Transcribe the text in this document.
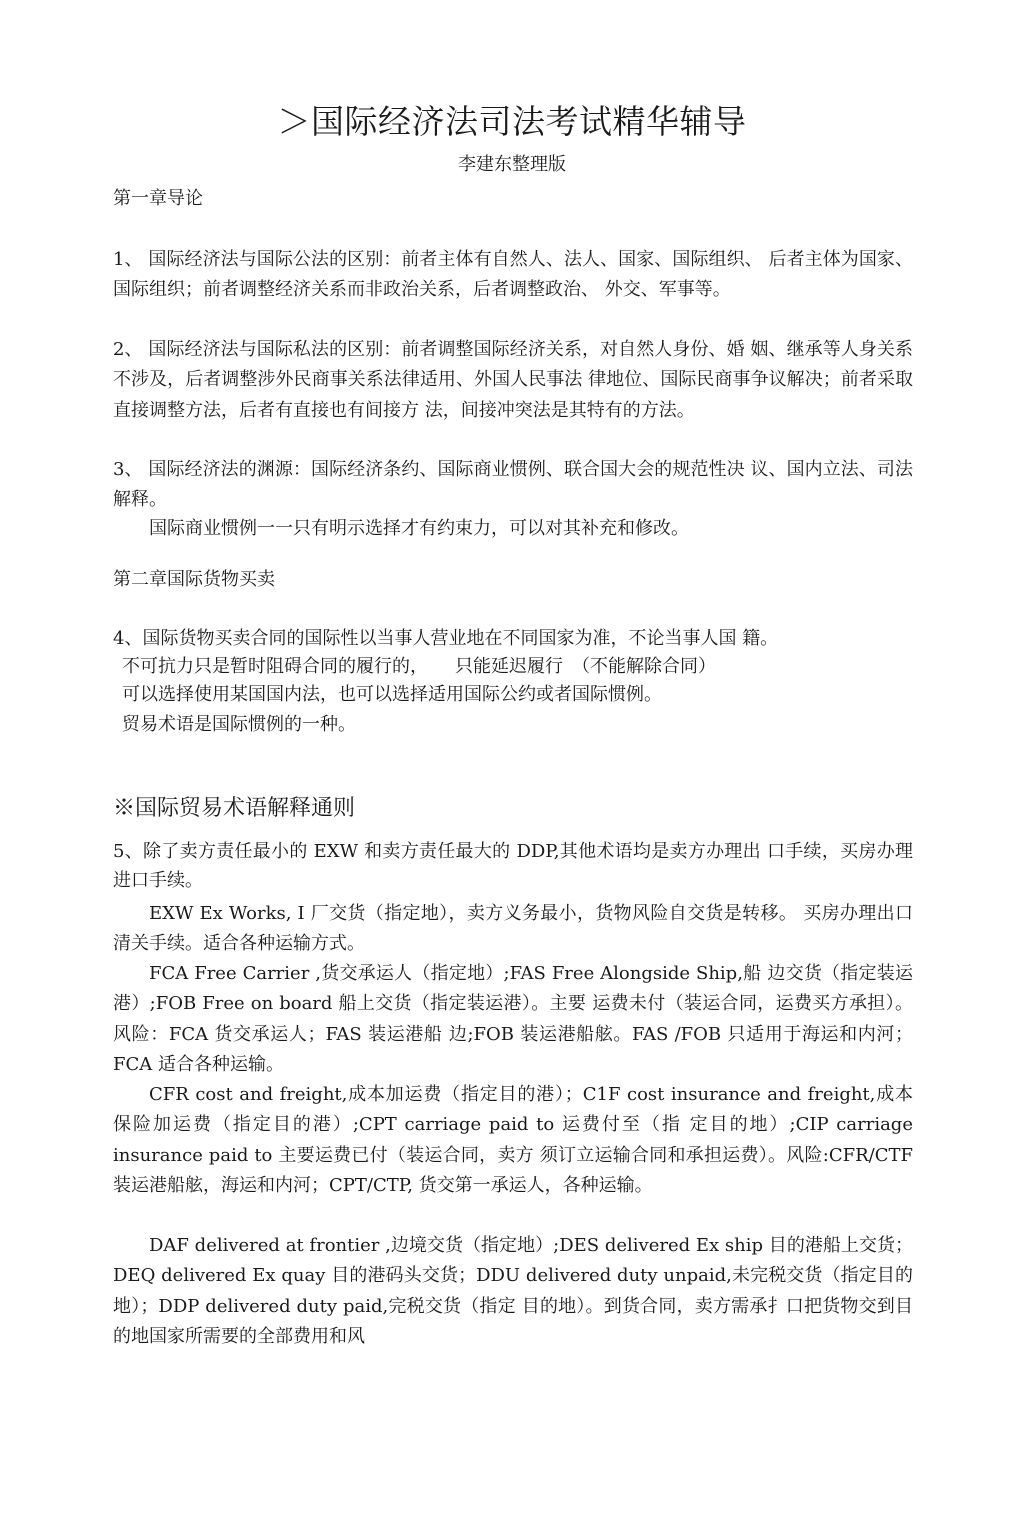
＞国际经济法司法考试精华辅导
李建东整理版
第一章导论

1、 国际经济法与国际公法的区别：前者主体有自然人、法人、国家、国际组织、 后者主体为国家、国际组织；前者调整经济关系而非政治关系，后者调整政治、 外交、军事等。

2、 国际经济法与国际私法的区别：前者调整国际经济关系，对自然人身份、婚 姻、继承等人身关系不涉及，后者调整涉外民商事关系法律适用、外国人民事法 律地位、国际民商事争议解决；前者采取直接调整方法，后者有直接也有间接方 法，间接冲突法是其特有的方法。

3、 国际经济法的渊源：国际经济条约、国际商业惯例、联合国大会的规范性决 议、国内立法、司法解释。

国际商业惯例一一只有明示选择才有约束力，可以对其补充和修改。

第二章国际货物买卖
4、国际货物买卖合同的国际性以当事人营业地在不同国家为准，不论当事人国 籍。
不可抗力只是暂时阻碍合同的履行的，　　只能延迟履行　（不能解除合同）
可以选择使用某国国内法，也可以选择适用国际公约或者国际惯例。
贸易术语是国际惯例的一种。
※国际贸易术语解释通则

5、除了卖方责任最小的 EXW 和卖方责任最大的 DDP,其他术语均是卖方办理出 口手续，买房办理进口手续。

EXW Ex Works, I 厂交货（指定地），卖方义务最小，货物风险自交货是转移。 买房办理出口清关手续。适合各种运输方式。

FCA Free Carrier ,货交承运人（指定地）;FAS Free Alongside Ship,船 边交货（指定装运港）;FOB Free on board 船上交货（指定装运港）。主要 运费未付（装运合同，运费买方承担）。风险：FCA 货交承运人；FAS 装运港船 边;FOB 装运港船舷。FAS /FOB 只适用于海运和内河；FCA 适合各种运输。

CFR cost and freight,成本加运费（指定目的港）；C1F cost insurance and freight,成本保险加运费（指定目的港）;CPT carriage paid to 运费付至（指 定目的地）;CIP carriage insurance paid to 主要运费已付（装运合同，卖方 须订立运输合同和承担运费）。风险:CFR/CTF 装运港船舷，海运和内河；CPT/CTP, 货交第一承运人，各种运输。

DAF delivered at frontier ,边境交货（指定地）;DES delivered Ex ship 目的港船上交货；DEQ delivered Ex quay 目的港码头交货；DDU delivered duty unpaid,未完税交货（指定目的地）；DDP delivered duty paid,完税交货（指定 目的地）。到货合同，卖方需承扌口把货物交到目的地国家所需要的全部费用和风
